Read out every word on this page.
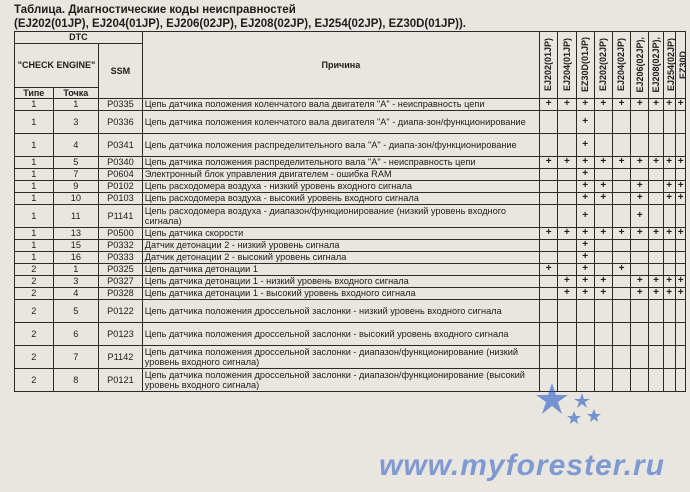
Таблица. Диагностические коды неисправностей
(EJ202(01JP), EJ204(01JP), EJ206(02JP), EJ208(02JP), EJ254(02JP), EZ30D(01JP)).
DTC			Причина	EJ202(01JP)	EJ204(01JP)	EZ30D(01JP)	EJ202(02JP)	EJ204(02JP)	EJ206(02JP),	EJ208(02JP),	EJ254(02JP)	EZ30D

"CHECK ENGINE"		SSM										
Типе	Точка											
1	1	P0335	Цепь датчика положения коленчатого вала двигателя "А" - неисправность цепи	+	+	+	+	+	+	+	+	+
1	3	P0336	Цепь датчика положения коленчатого вала двигателя "А" - диапа-зон/функционирование			+						
1	4	P0341	Цепь датчика положения распределительного вала "А" - диапа-зон/функционирование			+						
1	5	P0340	Цепь датчика положения распределительного вала "А" - неисправность цепи	+	+	+	+	+	+	+	+	+
1	7	P0604	Электронный блок управления двигателем - ошибка RAM			+						
1	9	P0102	Цепь расходомера воздуха - низкий уровень входного сигнала			+	+		+		+	+
1	10	P0103	Цепь расходомера воздуха - высокий уровень входного сигнала			+	+		+		+	+
1	11	P1141	Цепь расходомера воздуха - диапазон/функционирование (низкий уровень входного сигнала)			+			+			
1	13	P0500	Цепь датчика скорости	+	+	+	+	+	+	+	+	+
1	15	P0332	Датчик детонации 2 - низкий уровень сигнала			+						
1	16	P0333	Датчик детонации 2 - высокий уровень сигнала			+						
2	1	P0325	Цепь датчика детонации 1	+		+		+				
2	3	P0327	Цепь датчика детонации 1 - низкий уровень входного сигнала		+	+	+		+	+	+	+
2	4	P0328	Цепь датчика детонации 1 - высокий уровень входного сигнала		+	+	+		+	+	+	+
2	5	P0122	Цепь датчика положения дроссельной заслонки - низкий уровень входного сигнала									
2	6	P0123	Цепь датчика положения дроссельной заслонки - высокий уровень входного сигнала									
2	7	P1142	Цепь датчика положения дроссельной заслонки - диапазон/функционирование (низкий уровень входного сигнала)									
2	8	P0121	Цепь датчика положения дроссельной заслонки - диапазон/функционирование (высокий уровень входного сигнала)									
www.myforester.ru
